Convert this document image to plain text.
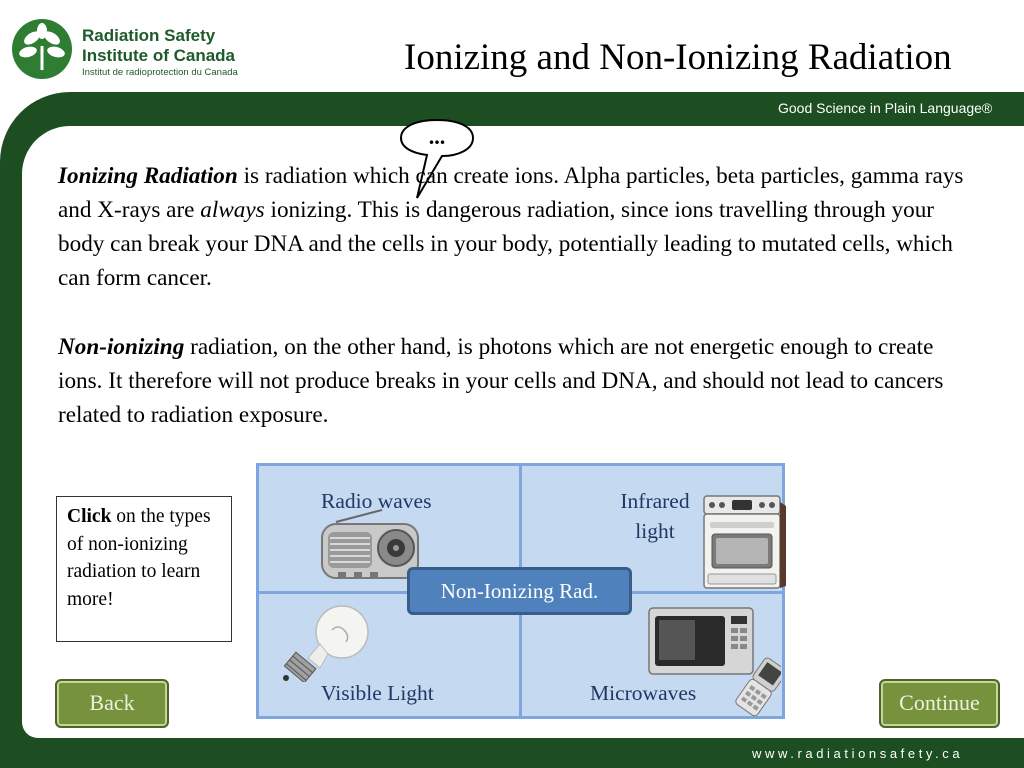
Radiation Safety
Institute of Canada
Institut de radioprotection du Canada	Ionizing and Non-Ionizing Radiation
Good Science in Plain Language®
www.radiationsafety.ca
...
Ionizing Radiation is radiation which can create ions. Alpha particles, beta particles, gamma rays and X-rays are always ionizing. This is dangerous radiation, since ions travelling through your body can break your DNA and the cells in your body, potentially leading to mutated cells, which can form cancer.
Non-ionizing radiation, on the other hand, is photons which are not energetic enough to create ions. It therefore will not produce breaks in your cells and DNA, and should not lead to cancers related to radiation exposure.
Click on the types of non-ionizing radiation to learn more!
Radio waves	Infrared light
Visible Light	Microwaves
Non-Ionizing Rad.
Back	Continue
